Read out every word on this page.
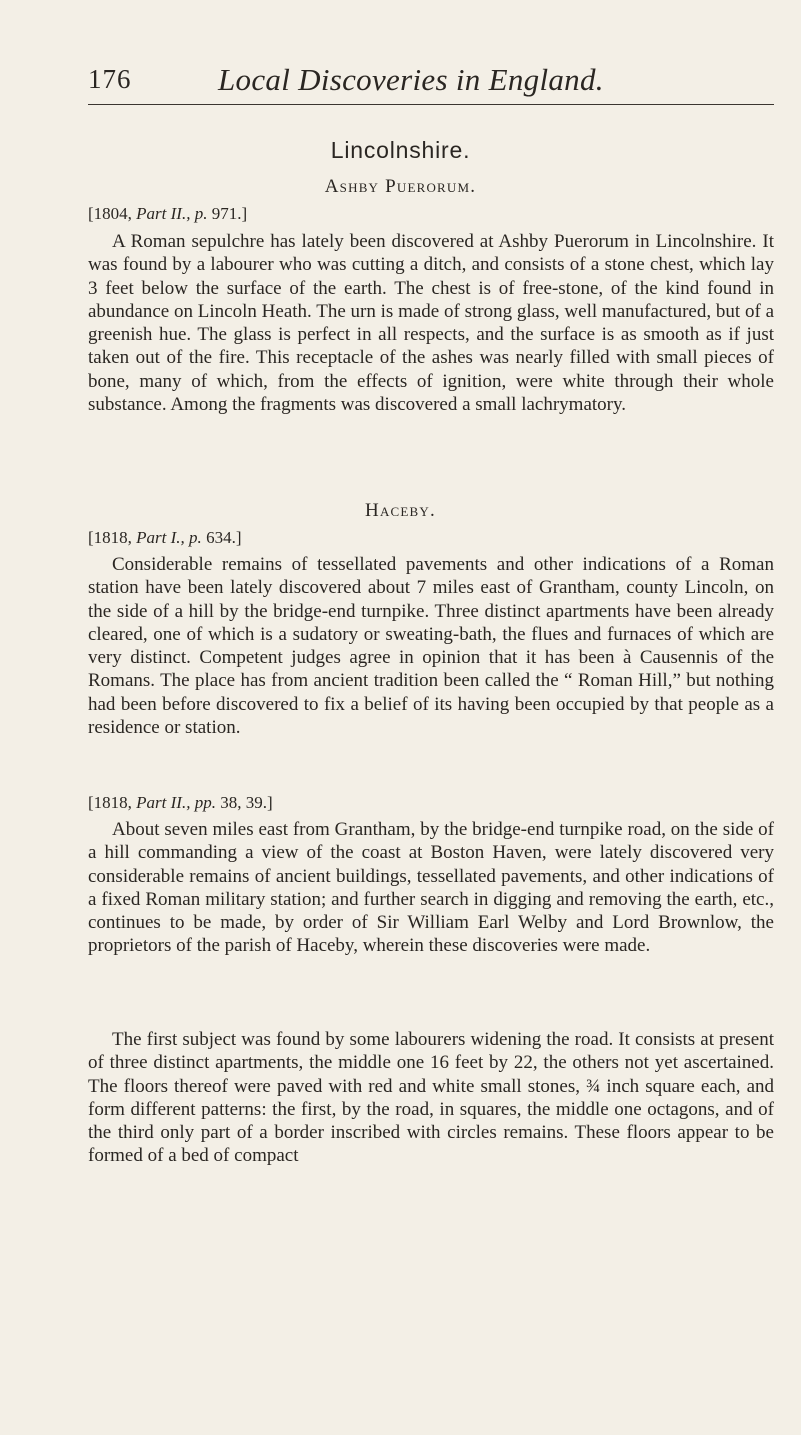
176	Local Discoveries in England.
Lincolnshire.
Ashby Puerorum.
[1804, Part II., p. 971.]

A Roman sepulchre has lately been discovered at Ashby Puerorum in Lincolnshire. It was found by a labourer who was cutting a ditch, and consists of a stone chest, which lay 3 feet below the surface of the earth. The chest is of free-stone, of the kind found in abundance on Lincoln Heath. The urn is made of strong glass, well manufactured, but of a greenish hue. The glass is perfect in all respects, and the surface is as smooth as if just taken out of the fire. This receptacle of the ashes was nearly filled with small pieces of bone, many of which, from the effects of ignition, were white through their whole substance. Among the fragments was discovered a small lachrymatory.

Haceby.
[1818, Part I., p. 634.]

Considerable remains of tessellated pavements and other indications of a Roman station have been lately discovered about 7 miles east of Grantham, county Lincoln, on the side of a hill by the bridge-end turnpike. Three distinct apartments have been already cleared, one of which is a sudatory or sweating-bath, the flues and furnaces of which are very distinct. Competent judges agree in opinion that it has been à Causennis of the Romans. The place has from ancient tradition been called the “ Roman Hill,” but nothing had been before discovered to fix a belief of its having been occupied by that people as a residence or station.

[1818, Part II., pp. 38, 39.]

About seven miles east from Grantham, by the bridge-end turnpike road, on the side of a hill commanding a view of the coast at Boston Haven, were lately discovered very considerable remains of ancient buildings, tessellated pavements, and other indications of a fixed Roman military station; and further search in digging and removing the earth, etc., continues to be made, by order of Sir William Earl Welby and Lord Brownlow, the proprietors of the parish of Haceby, wherein these discoveries were made.

The first subject was found by some labourers widening the road. It consists at present of three distinct apartments, the middle one 16 feet by 22, the others not yet ascertained. The floors thereof were paved with red and white small stones, ¾ inch square each, and form different patterns: the first, by the road, in squares, the middle one octagons, and of the third only part of a border inscribed with circles remains. These floors appear to be formed of a bed of compact
